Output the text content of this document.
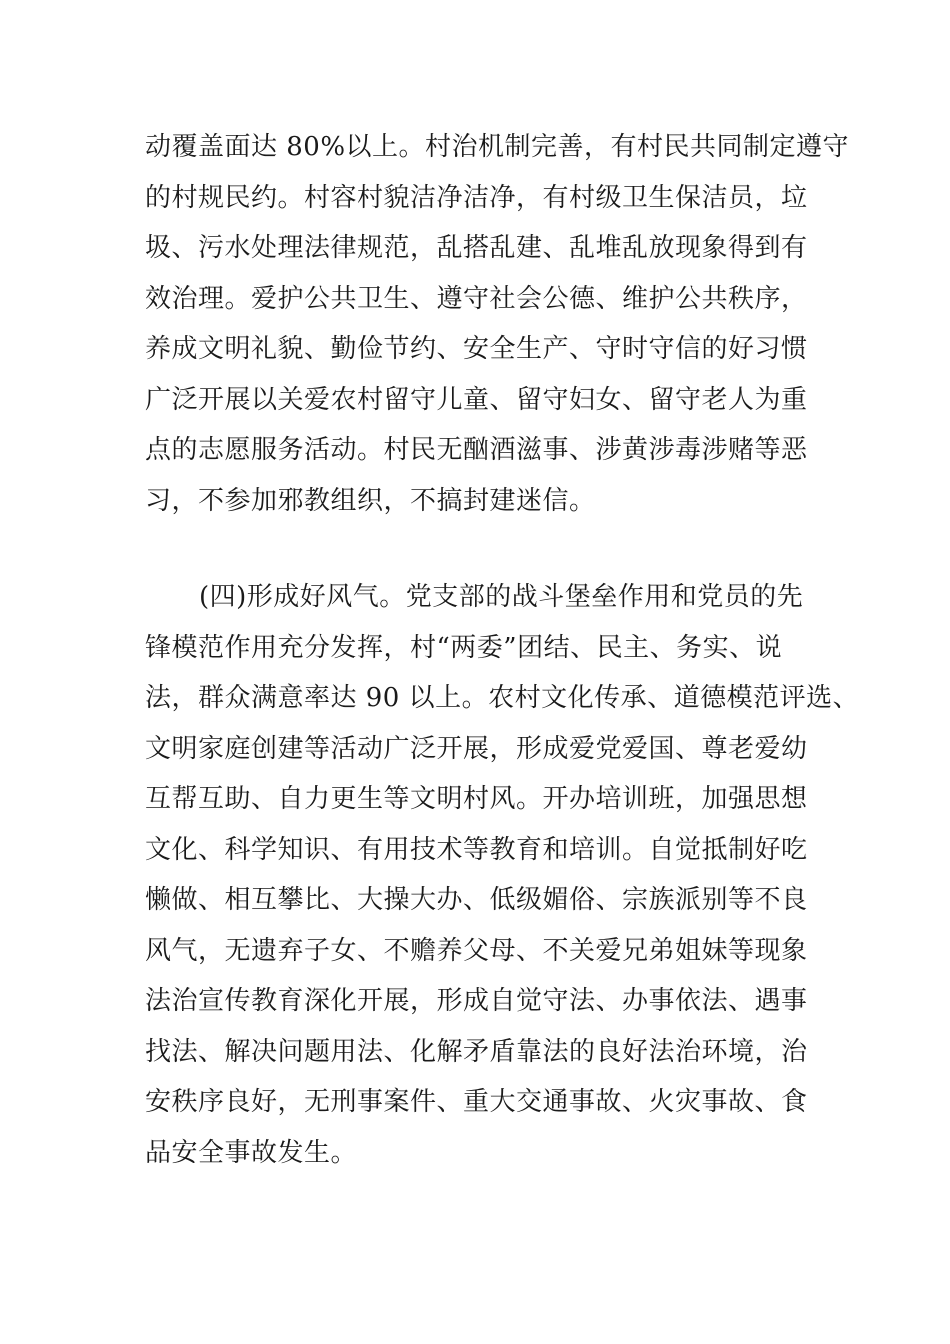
动覆盖面达 80%以上。村治机制完善，有村民共同制定遵守
的村规民约。村容村貌洁净洁净，有村级卫生保洁员，垃
圾、污水处理法律规范，乱搭乱建、乱堆乱放现象得到有
效治理。爱护公共卫生、遵守社会公德、维护公共秩序，
养成文明礼貌、勤俭节约、安全生产、守时守信的好习惯
广泛开展以关爱农村留守儿童、留守妇女、留守老人为重
点的志愿服务活动。村民无酗酒滋事、涉黄涉毒涉赌等恶
习，不参加邪教组织，不搞封建迷信。
(四)形成好风气。党支部的战斗堡垒作用和党员的先
锋模范作用充分发挥，村“两委”团结、民主、务实、说
法，群众满意率达 90 以上。农村文化传承、道德模范评选、
文明家庭创建等活动广泛开展，形成爱党爱国、尊老爱幼
互帮互助、自力更生等文明村风。开办培训班，加强思想
文化、科学知识、有用技术等教育和培训。自觉抵制好吃
懒做、相互攀比、大操大办、低级媚俗、宗族派别等不良
风气，无遗弃子女、不赡养父母、不关爱兄弟姐妹等现象
法治宣传教育深化开展，形成自觉守法、办事依法、遇事
找法、解决问题用法、化解矛盾靠法的良好法治环境，治
安秩序良好，无刑事案件、重大交通事故、火灾事故、食
品安全事故发生。
